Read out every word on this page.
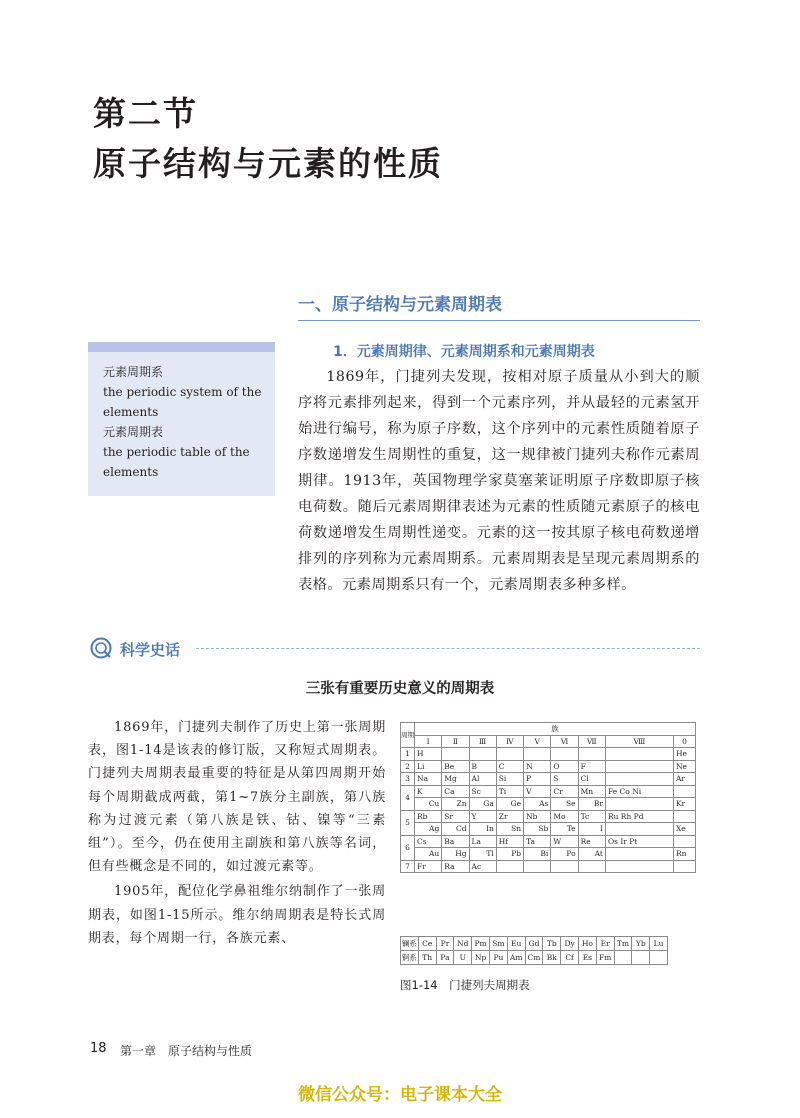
第二节
原子结构与元素的性质
一、原子结构与元素周期表
元素周期系
the periodic system of the
elements
元素周期表
the periodic table of the
elements
1．元素周期律、元素周期系和元素周期表

1869年，门捷列夫发现，按相对原子质量从小到大的顺序将元素排列起来，得到一个元素序列，并从最轻的元素氢开始进行编号，称为原子序数，这个序列中的元素性质随着原子序数递增发生周期性的重复，这一规律被门捷列夫称作元素周期律。1913年，英国物理学家莫塞莱证明原子序数即原子核电荷数。随后元素周期律表述为元素的性质随元素原子的核电荷数递增发生周期性递变。元素的这一按其原子核电荷数递增排列的序列称为元素周期系。元素周期表是呈现元素周期系的表格。元素周期系只有一个，元素周期表多种多样。

科学史话
三张有重要历史意义的周期表

1869年，门捷列夫制作了历史上第一张周期表，图1-14是该表的修订版，又称短式周期表。门捷列夫周期表最重要的特征是从第四周期开始每个周期截成两截，第1~7族分主副族，第八族称为过渡元素（第八族是铁、钴、镍等“三素组”）。至今，仍在使用主副族和第八族等名词，但有些概念是不同的，如过渡元素等。

1905年，配位化学鼻祖维尔纳制作了一张周期表，如图1-15所示。维尔纳周期表是特长式周期表，每个周期一行，各族元素、

周期	族								
	Ⅰ	Ⅱ	Ⅲ	Ⅳ	Ⅴ	Ⅵ	Ⅶ	Ⅷ	0
1	H								He
2	Li	Be	B	C	N	O	F		Ne
3	Na	Mg	Al	Si	P	S	Cl		Ar
4	K	Ca	Sc	Ti	V	Cr	Mn	Fe Co Ni	
	Cu	Zn	Ga	Ge	As	Se	Br		Kr
5	Rb	Sr	Y	Zr	Nb	Mo	Tc	Ru Rh Pd	
	Ag	Cd	In	Sn	Sb	Te	I		Xe
6	Cs	Ba	La	Hf	Ta	W	Re	Os Ir Pt	
	Au	Hg	Tl	Pb	Bi	Po	At		Rn
7	Fr	Ra	Ac						
镧系	Ce	Pr	Nd	Pm	Sm	Eu	Gd	Tb	Dy	Ho	Er	Tm	Yb	Lu
锕系	Th	Pa	U	Np	Pu	Am	Cm	Bk	Cf	Es	Fm			
图1-14　门捷列夫周期表
18 第一章　原子结构与性质
微信公众号：电子课本大全
